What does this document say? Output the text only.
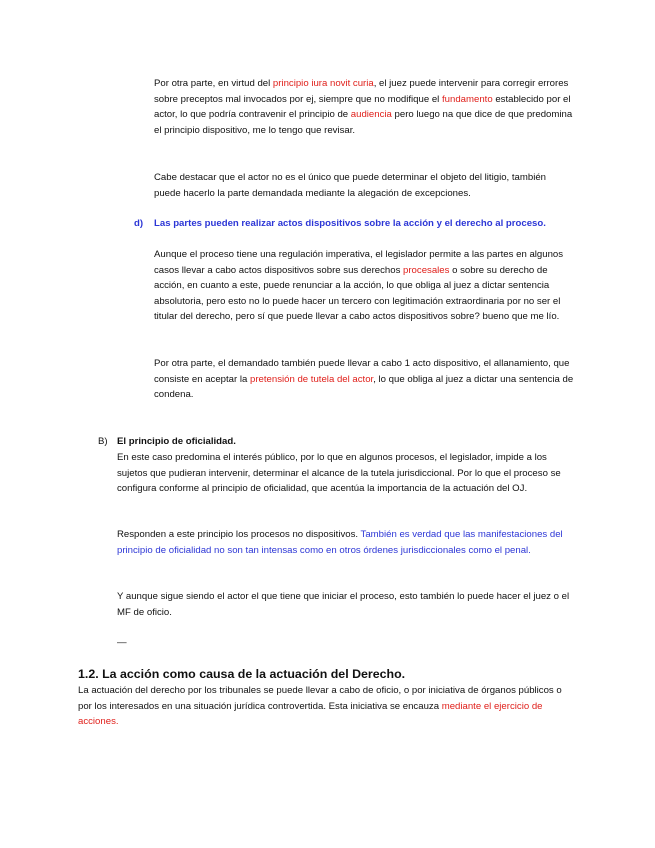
Por otra parte, en virtud del principio iura novit curia, el juez puede intervenir para corregir errores sobre preceptos mal invocados por ej, siempre que no modifique el fundamento establecido por el actor, lo que podría contravenir el principio de audiencia pero luego na que dice de que predomina el principio dispositivo, me lo tengo que revisar.

Cabe destacar que el actor no es el único que puede determinar el objeto del litigio, también puede hacerlo la parte demandada mediante la alegación de excepciones.

d) Las partes pueden realizar actos dispositivos sobre la acción y el derecho al proceso.

Aunque el proceso tiene una regulación imperativa, el legislador permite a las partes en algunos casos llevar a cabo actos dispositivos sobre sus derechos procesales o sobre su derecho de acción, en cuanto a este, puede renunciar a la acción, lo que obliga al juez a dictar sentencia absolutoria, pero esto no lo puede hacer un tercero con legitimación extraordinaria por no ser el titular del derecho, pero sí que puede llevar a cabo actos dispositivos sobre? bueno que me lío.

Por otra parte, el demandado también puede llevar a cabo 1 acto dispositivo, el allanamiento, que consiste en aceptar la pretensión de tutela del actor, lo que obliga al juez a dictar una sentencia de condena.

B) El principio de oficialidad.

En este caso predomina el interés público, por lo que en algunos procesos, el legislador, impide a los sujetos que pudieran intervenir, determinar el alcance de la tutela jurisdiccional. Por lo que el proceso se configura conforme al principio de oficialidad, que acentúa la importancia de la actuación del OJ.

Responden a este principio los procesos no dispositivos. También es verdad que las manifestaciones del principio de oficialidad no son tan intensas como en otros órdenes jurisdiccionales como el penal.

Y aunque sigue siendo el actor el que tiene que iniciar el proceso, esto también lo puede hacer el juez o el MF de oficio.

—
1.2. La acción como causa de la actuación del Derecho.

La actuación del derecho por los tribunales se puede llevar a cabo de oficio, o por iniciativa de órganos públicos o por los interesados en una situación jurídica controvertida. Esta iniciativa se encauza mediante el ejercicio de acciones.
